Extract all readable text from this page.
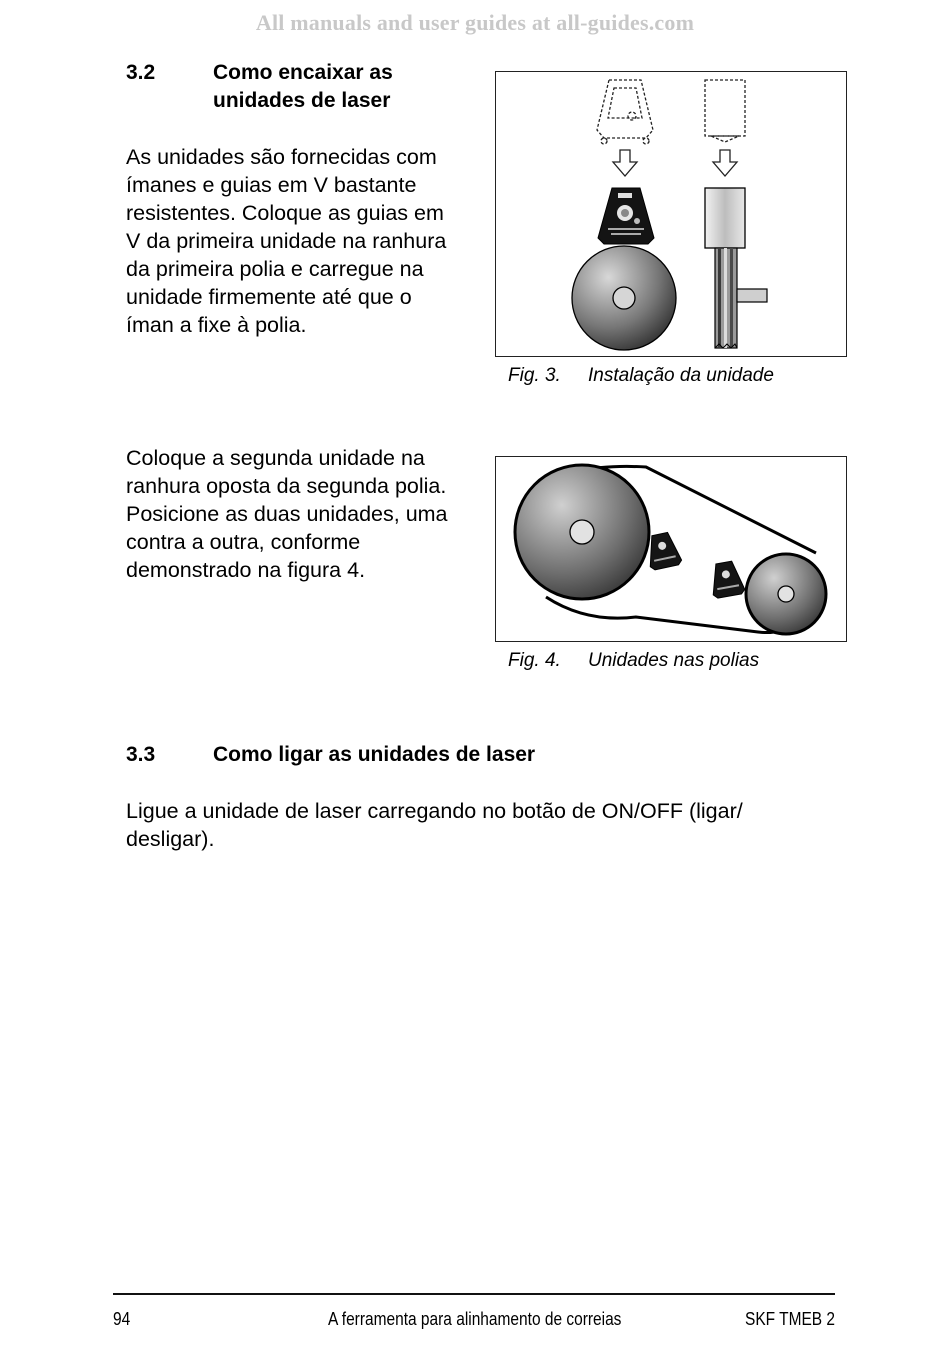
All manuals and user guides at all-guides.com
3.2	Como encaixar as
unidades de laser
As unidades são fornecidas com
ímanes e guias em V bastante
resistentes. Coloque as guias em
V da primeira unidade na ranhura
da primeira polia e carregue na
unidade firmemente até que o
íman a fixe à polia.
Fig. 3. Instalação da unidade
Coloque a segunda unidade na
ranhura oposta da segunda polia.
Posicione as duas unidades, uma
contra a outra, conforme
demonstrado na figura 4.
Fig. 4. Unidades nas polias
3.3	Como ligar as unidades de laser
Ligue a unidade de laser carregando no botão de ON/OFF (ligar/
desligar).
94	A ferramenta para alinhamento de correias	SKF TMEB 2
